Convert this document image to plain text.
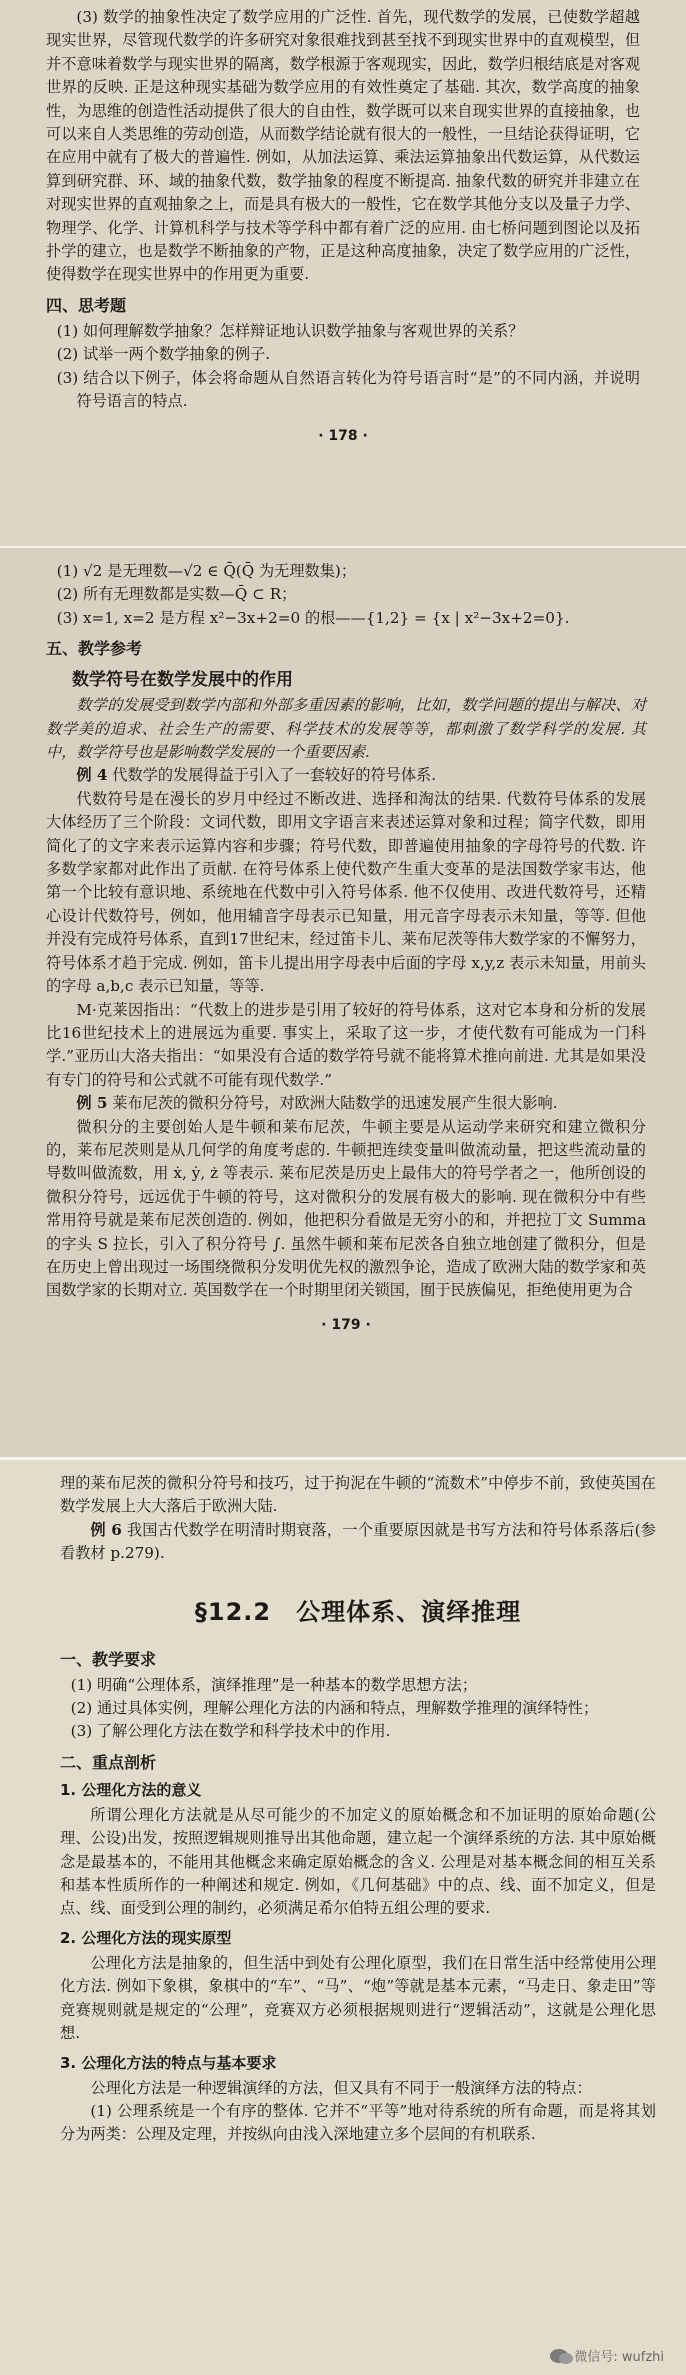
(3) 数学的抽象性决定了数学应用的广泛性. 首先，现代数学的发展，已使数学超越现实世界，尽管现代数学的许多研究对象很难找到甚至找不到现实世界中的直观模型，但并不意味着数学与现实世界的隔离，数学根源于客观现实，因此，数学归根结底是对客观世界的反映. 正是这种现实基础为数学应用的有效性奠定了基础. 其次，数学高度的抽象性，为思维的创造性活动提供了很大的自由性，数学既可以来自现实世界的直接抽象，也可以来自人类思维的劳动创造，从而数学结论就有很大的一般性，一旦结论获得证明，它在应用中就有了极大的普遍性. 例如，从加法运算、乘法运算抽象出代数运算，从代数运算到研究群、环、域的抽象代数，数学抽象的程度不断提高. 抽象代数的研究并非建立在对现实世界的直观抽象之上，而是具有极大的一般性，它在数学其他分支以及量子力学、物理学、化学、计算机科学与技术等学科中都有着广泛的应用. 由七桥问题到图论以及拓扑学的建立，也是数学不断抽象的产物，正是这种高度抽象，决定了数学应用的广泛性，使得数学在现实世界中的作用更为重要.

四、思考题

(1) 如何理解数学抽象？怎样辩证地认识数学抽象与客观世界的关系？

(2) 试举一两个数学抽象的例子.

(3) 结合以下例子，体会将命题从自然语言转化为符号语言时“是”的不同内涵，并说明符号语言的特点.

· 178 ·

(1) √2 是无理数—√2 ∈ Q̄(Q̄ 为无理数集)；

(2) 所有无理数都是实数—Q̄ ⊂ R；

(3) x=1, x=2 是方程 x²−3x+2=0 的根——{1,2} = {x | x²−3x+2=0}.

五、教学参考

数学符号在数学发展中的作用

数学的发展受到数学内部和外部多重因素的影响，比如，数学问题的提出与解决、对数学美的追求、社会生产的需要、科学技术的发展等等，都刺激了数学科学的发展. 其中，数学符号也是影响数学发展的一个重要因素.

例 4 代数学的发展得益于引入了一套较好的符号体系.

代数符号是在漫长的岁月中经过不断改进、选择和淘汰的结果. 代数符号体系的发展大体经历了三个阶段：文词代数，即用文字语言来表述运算对象和过程；简字代数，即用简化了的文字来表示运算内容和步骤；符号代数，即普遍使用抽象的字母符号的代数. 许多数学家都对此作出了贡献. 在符号体系上使代数产生重大变革的是法国数学家韦达，他第一个比较有意识地、系统地在代数中引入符号体系. 他不仅使用、改进代数符号，还精心设计代数符号，例如，他用辅音字母表示已知量，用元音字母表示未知量，等等. 但他并没有完成符号体系，直到17世纪末，经过笛卡儿、莱布尼茨等伟大数学家的不懈努力，符号体系才趋于完成. 例如，笛卡儿提出用字母表中后面的字母 x,y,z 表示未知量，用前头的字母 a,b,c 表示已知量，等等.

M·克莱因指出：“代数上的进步是引用了较好的符号体系，这对它本身和分析的发展比16世纪技术上的进展远为重要. 事实上，采取了这一步，才使代数有可能成为一门科学.”亚历山大洛夫指出：“如果没有合适的数学符号就不能将算术推向前进. 尤其是如果没有专门的符号和公式就不可能有现代数学.”

例 5 莱布尼茨的微积分符号，对欧洲大陆数学的迅速发展产生很大影响.

微积分的主要创始人是牛顿和莱布尼茨，牛顿主要是从运动学来研究和建立微积分的，莱布尼茨则是从几何学的角度考虑的. 牛顿把连续变量叫做流动量，把这些流动量的导数叫做流数，用 ẋ, ẏ, ż 等表示. 莱布尼茨是历史上最伟大的符号学者之一，他所创设的微积分符号，远远优于牛顿的符号，这对微积分的发展有极大的影响. 现在微积分中有些常用符号就是莱布尼茨创造的. 例如，他把积分看做是无穷小的和，并把拉丁文 Summa 的字头 S 拉长，引入了积分符号 ∫. 虽然牛顿和莱布尼茨各自独立地创建了微积分，但是在历史上曾出现过一场围绕微积分发明优先权的激烈争论，造成了欧洲大陆的数学家和英国数学家的长期对立. 英国数学在一个时期里闭关锁国，囿于民族偏见，拒绝使用更为合

· 179 ·

理的莱布尼茨的微积分符号和技巧，过于拘泥在牛顿的“流数术”中停步不前，致使英国在数学发展上大大落后于欧洲大陆.

例 6 我国古代数学在明清时期衰落，一个重要原因就是书写方法和符号体系落后(参看教材 p.279).

§12.2　公理体系、演绎推理

一、教学要求

(1) 明确“公理体系，演绎推理”是一种基本的数学思想方法；

(2) 通过具体实例，理解公理化方法的内涵和特点，理解数学推理的演绎特性；

(3) 了解公理化方法在数学和科学技术中的作用.

二、重点剖析

1. 公理化方法的意义

所谓公理化方法就是从尽可能少的不加定义的原始概念和不加证明的原始命题(公理、公设)出发，按照逻辑规则推导出其他命题，建立起一个演绎系统的方法. 其中原始概念是最基本的，不能用其他概念来确定原始概念的含义. 公理是对基本概念间的相互关系和基本性质所作的一种阐述和规定. 例如，《几何基础》中的点、线、面不加定义，但是点、线、面受到公理的制约，必须满足希尔伯特五组公理的要求.

2. 公理化方法的现实原型

公理化方法是抽象的，但生活中到处有公理化原型，我们在日常生活中经常使用公理化方法. 例如下象棋，象棋中的“车”、“马”、“炮”等就是基本元素，“马走日、象走田”等竞赛规则就是规定的“公理”，竞赛双方必须根据规则进行“逻辑活动”，这就是公理化思想.

3. 公理化方法的特点与基本要求

公理化方法是一种逻辑演绎的方法，但又具有不同于一般演绎方法的特点：

(1) 公理系统是一个有序的整体. 它并不“平等”地对待系统的所有命题，而是将其划分为两类：公理及定理，并按纵向由浅入深地建立多个层间的有机联系.

微信号: wufzhi
